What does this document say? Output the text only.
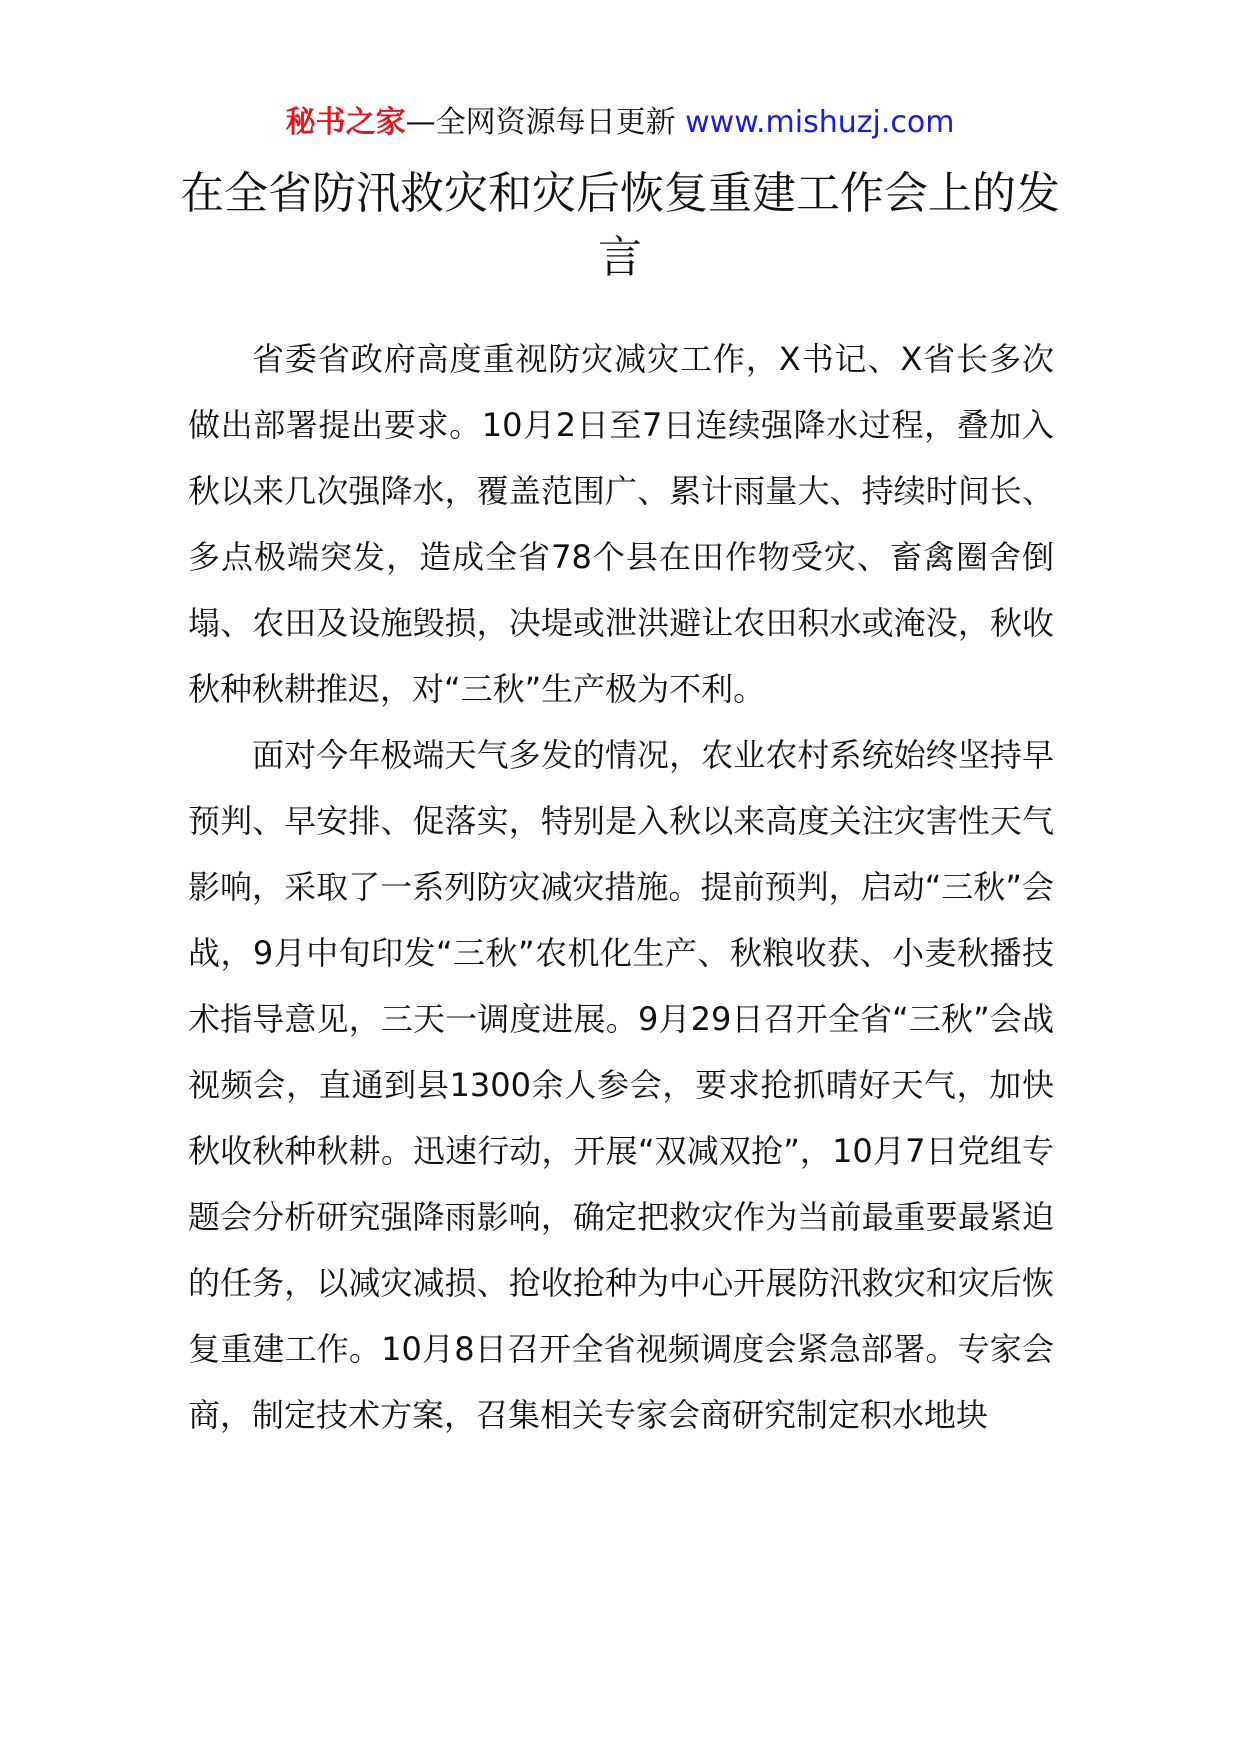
秘书之家—全网资源每日更新 www.mishuzj.com
在全省防汛救灾和灾后恢复重建工作会上的发言

省委省政府高度重视防灾减灾工作，X书记、X省长多次做出部署提出要求。10月2日至7日连续强降水过程，叠加入秋以来几次强降水，覆盖范围广、累计雨量大、持续时间长、多点极端突发，造成全省78个县在田作物受灾、畜禽圈舍倒塌、农田及设施毁损，决堤或泄洪避让农田积水或淹没，秋收秋种秋耕推迟，对“三秋”生产极为不利。

面对今年极端天气多发的情况，农业农村系统始终坚持早预判、早安排、促落实，特别是入秋以来高度关注灾害性天气影响，采取了一系列防灾减灾措施。提前预判，启动“三秋”会战，9月中旬印发“三秋”农机化生产、秋粮收获、小麦秋播技术指导意见，三天一调度进展。9月29日召开全省“三秋”会战视频会，直通到县1300余人参会，要求抢抓晴好天气，加快秋收秋种秋耕。迅速行动，开展“双减双抢”，10月7日党组专题会分析研究强降雨影响，确定把救灾作为当前最重要最紧迫的任务，以减灾减损、抢收抢种为中心开展防汛救灾和灾后恢复重建工作。10月8日召开全省视频调度会紧急部署。专家会商，制定技术方案，召集相关专家会商研究制定积水地块
